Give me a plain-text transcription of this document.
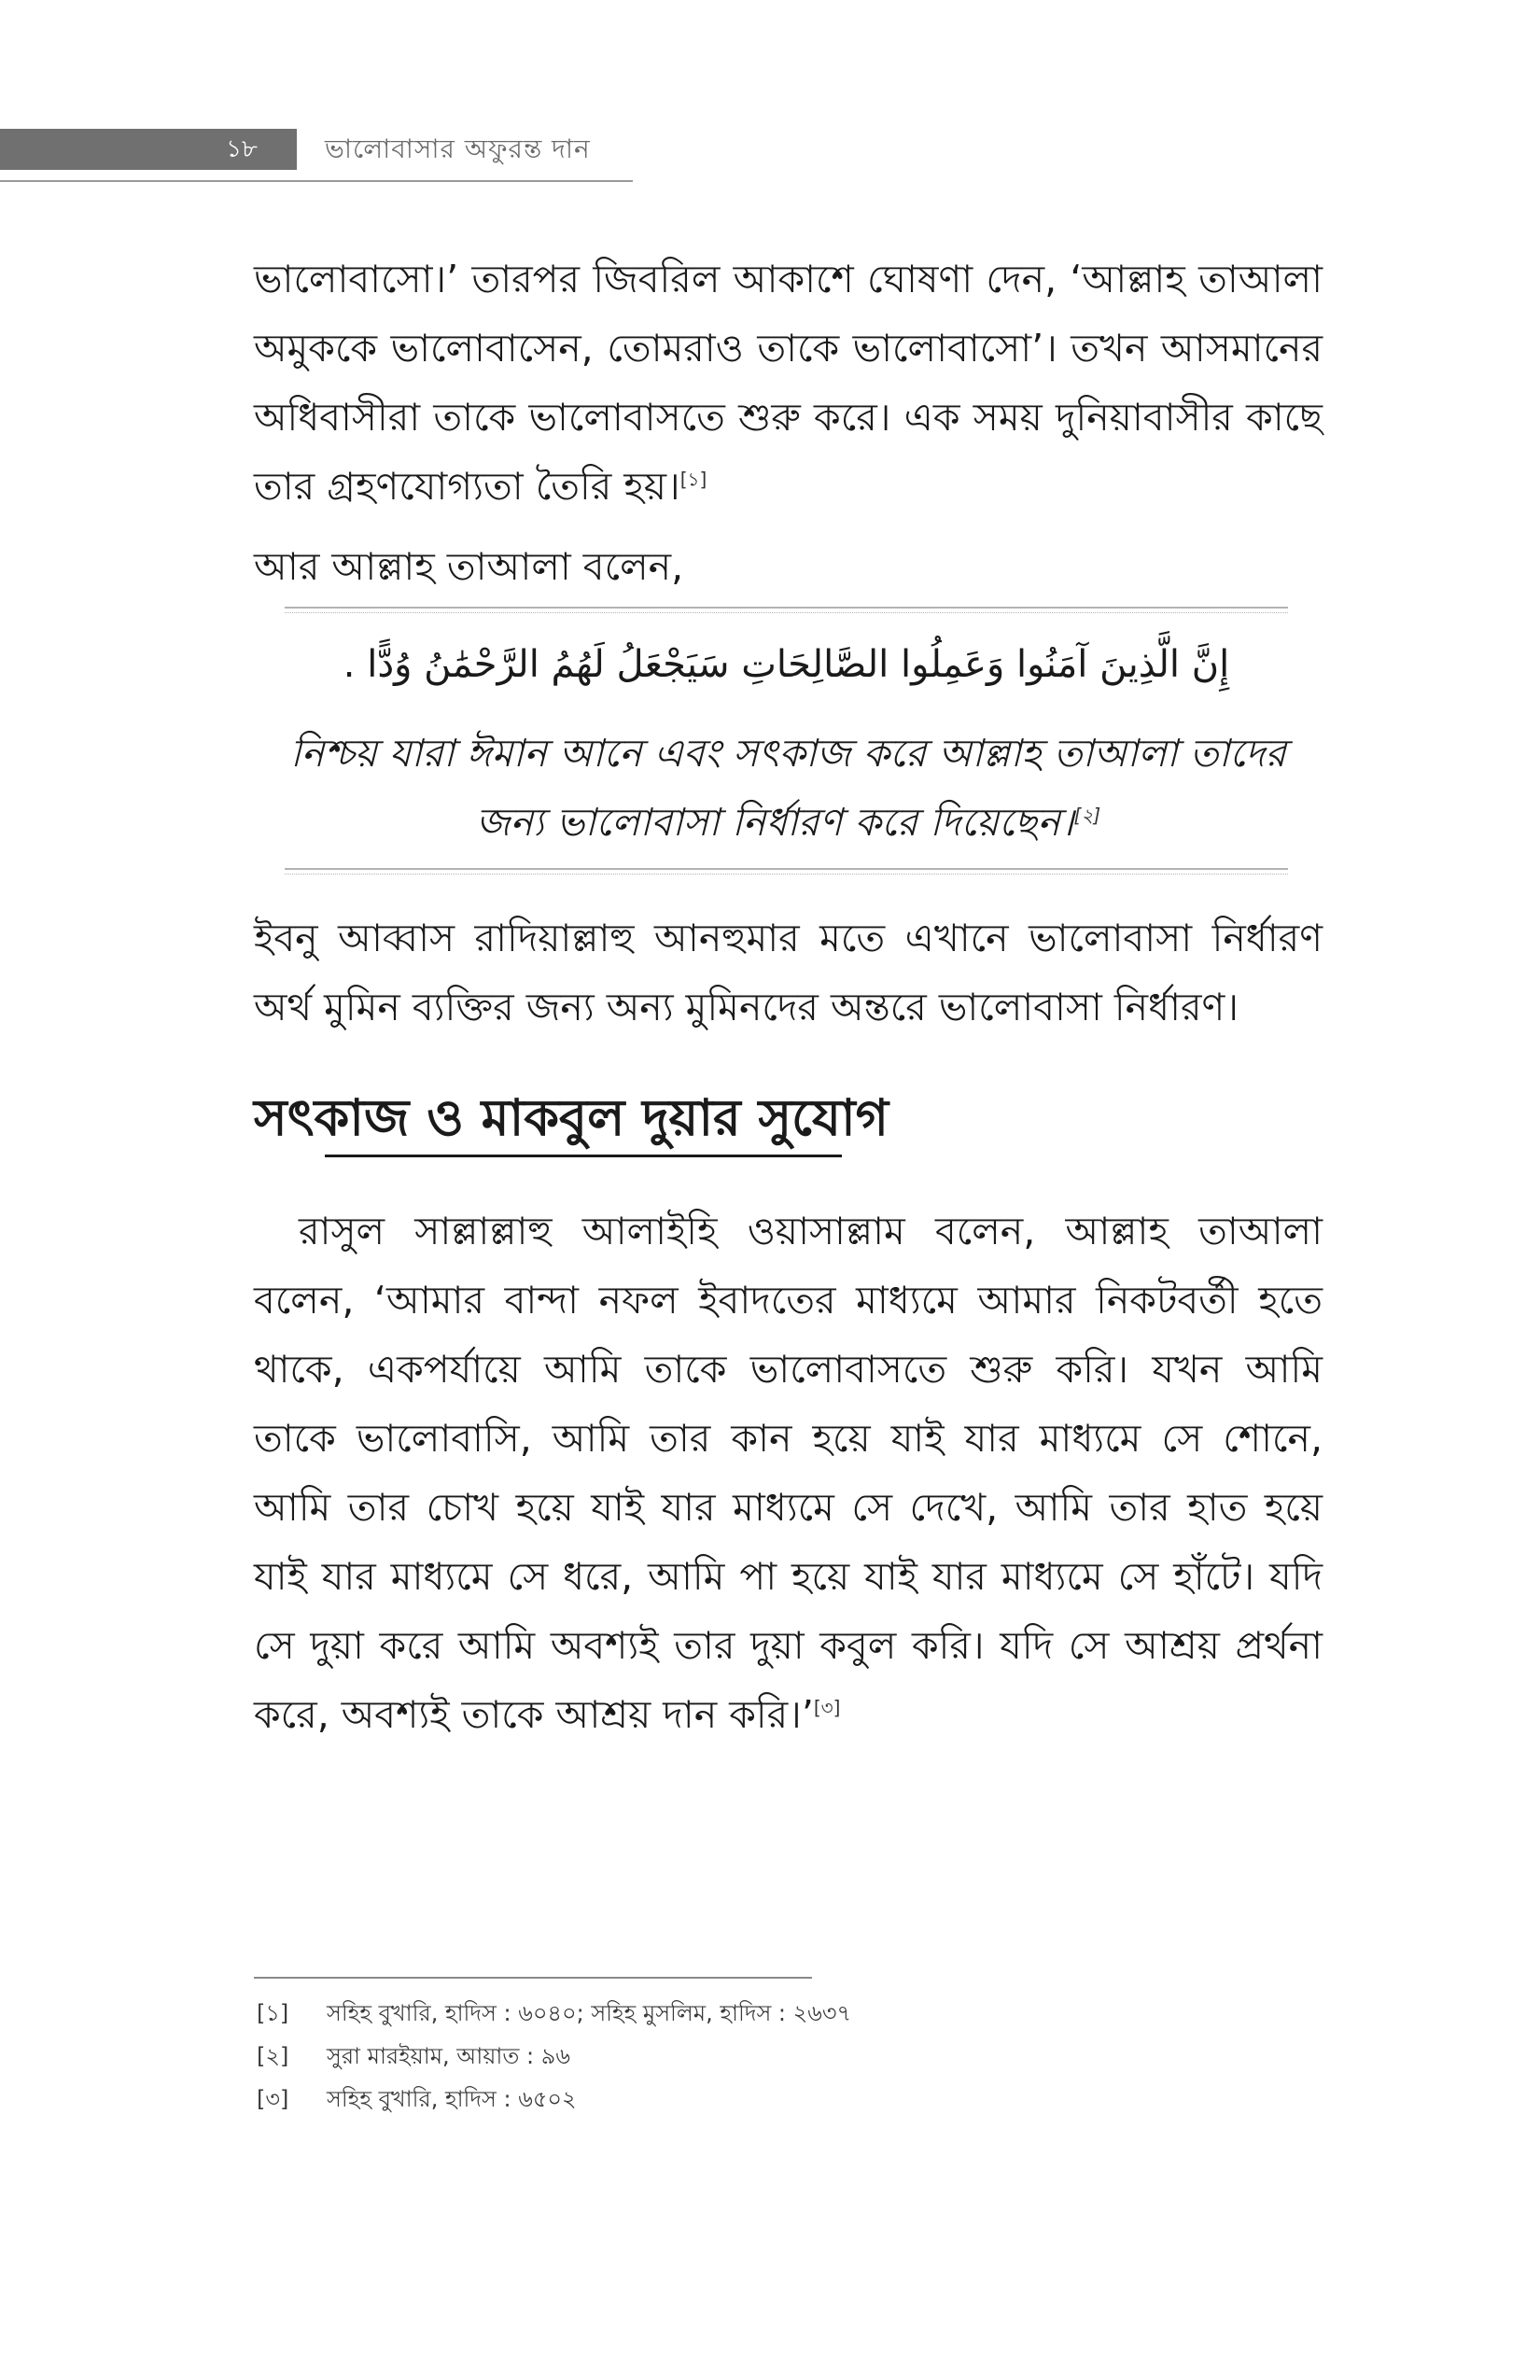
১৮	ভালোবাসার অফুরন্ত দান

ভালোবাসো।’ তারপর জিবরিল আকাশে ঘোষণা দেন, ‘আল্লাহ তাআলা অমুককে ভালোবাসেন, তোমরাও তাকে ভালোবাসো’। তখন আসমানের অধিবাসীরা তাকে ভালোবাসতে শুরু করে। এক সময় দুনিয়াবাসীর কাছে তার গ্রহণযোগ্যতা তৈরি হয়।[১]

আর আল্লাহ তাআলা বলেন,

إِنَّ الَّذِينَ آمَنُوا وَعَمِلُوا الصَّالِحَاتِ سَيَجْعَلُ لَهُمُ الرَّحْمَٰنُ وُدًّا .

নিশ্চয় যারা ঈমান আনে এবং সৎকাজ করে আল্লাহ তাআলা তাদের জন্য ভালোবাসা নির্ধারণ করে দিয়েছেন।[২]

ইবনু আব্বাস রাদিয়াল্লাহু আনহুমার মতে এখানে ভালোবাসা নির্ধারণ অর্থ মুমিন ব্যক্তির জন্য অন্য মুমিনদের অন্তরে ভালোবাসা নির্ধারণ।

সৎকাজ ও মাকবুল দুয়ার সুযোগ

রাসুল সাল্লাল্লাহু আলাইহি ওয়াসাল্লাম বলেন, আল্লাহ তাআলা বলেন, ‘আমার বান্দা নফল ইবাদতের মাধ্যমে আমার নিকটবর্তী হতে থাকে, একপর্যায়ে আমি তাকে ভালোবাসতে শুরু করি। যখন আমি তাকে ভালোবাসি, আমি তার কান হয়ে যাই যার মাধ্যমে সে শোনে, আমি তার চোখ হয়ে যাই যার মাধ্যমে সে দেখে, আমি তার হাত হয়ে যাই যার মাধ্যমে সে ধরে, আমি পা হয়ে যাই যার মাধ্যমে সে হাঁটে। যদি সে দুয়া করে আমি অবশ্যই তার দুয়া কবুল করি। যদি সে আশ্রয় প্রর্থনা করে, অবশ্যই তাকে আশ্রয় দান করি।’[৩]

[১] সহিহ বুখারি, হাদিস : ৬০৪০; সহিহ মুসলিম, হাদিস : ২৬৩৭
[২] সুরা মারইয়াম, আয়াত : ৯৬
[৩] সহিহ বুখারি, হাদিস : ৬৫০২
